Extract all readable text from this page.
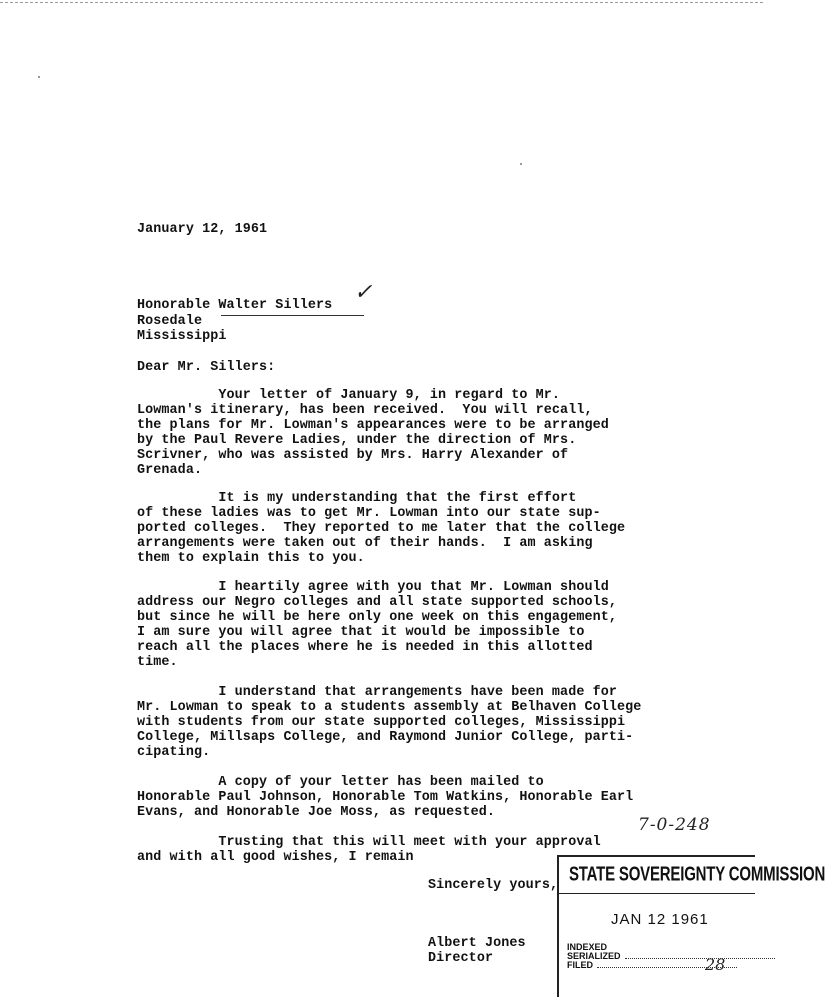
January 12, 1961
Honorable Walter Sillers
Rosedale
Mississippi
✓
Dear Mr. Sillers:
Your letter of January 9, in regard to Mr.
Lowman's itinerary, has been received.  You will recall,
the plans for Mr. Lowman's appearances were to be arranged
by the Paul Revere Ladies, under the direction of Mrs.
Scrivner, who was assisted by Mrs. Harry Alexander of
Grenada.
It is my understanding that the first effort
of these ladies was to get Mr. Lowman into our state sup-
ported colleges.  They reported to me later that the college
arrangements were taken out of their hands.  I am asking
them to explain this to you.
I heartily agree with you that Mr. Lowman should
address our Negro colleges and all state supported schools,
but since he will be here only one week on this engagement,
I am sure you will agree that it would be impossible to
reach all the places where he is needed in this allotted
time.
I understand that arrangements have been made for
Mr. Lowman to speak to a students assembly at Belhaven College
with students from our state supported colleges, Mississippi
College, Millsaps College, and Raymond Junior College, parti-
cipating.
A copy of your letter has been mailed to
Honorable Paul Johnson, Honorable Tom Watkins, Honorable Earl
Evans, and Honorable Joe Moss, as requested.
Trusting that this will meet with your approval
and with all good wishes, I remain
7-0-248
Sincerely yours,
Albert Jones
Director
STATE SOVEREIGNTY COMMISSION
JAN 12 1961
INDEXED
SERIALIZED
FILED	28
